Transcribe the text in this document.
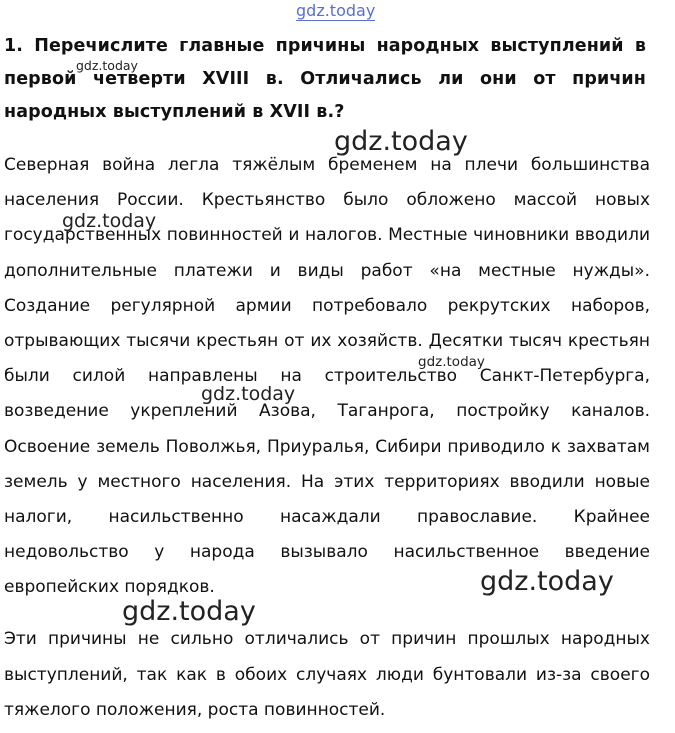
gdz.today

1. Перечислите главные причины народных выступлений в первой четверти XVIII в. Отличались ли они от причин народных выступлений в XVII в.?

Северная война легла тяжёлым бременем на плечи большинства населения России. Крестьянство было обложено массой новых государственных повинностей и налогов. Местные чиновники вводили дополнительные платежи и виды работ «на местные нужды». Создание регулярной армии потребовало рекрутских наборов, отрывающих тысячи крестьян от их хозяйств. Десятки тысяч крестьян были силой направлены на строительство Санкт-Петербурга, возведение укреплений Азова, Таганрога, постройку каналов. Освоение земель Поволжья, Приуралья, Сибири приводило к захватам земель у местного населения. На этих территориях вводили новые налоги, насильственно насаждали православие. Крайнее недовольство у народа вызывало насильственное введение европейских порядков.

Эти причины не сильно отличались от причин прошлых народных выступлений, так как в обоих случаях люди бунтовали из-за своего тяжелого положения, роста повинностей.

gdz.today
gdz.today
gdz.today
gdz.today
gdz.today
gdz.today
gdz.today
